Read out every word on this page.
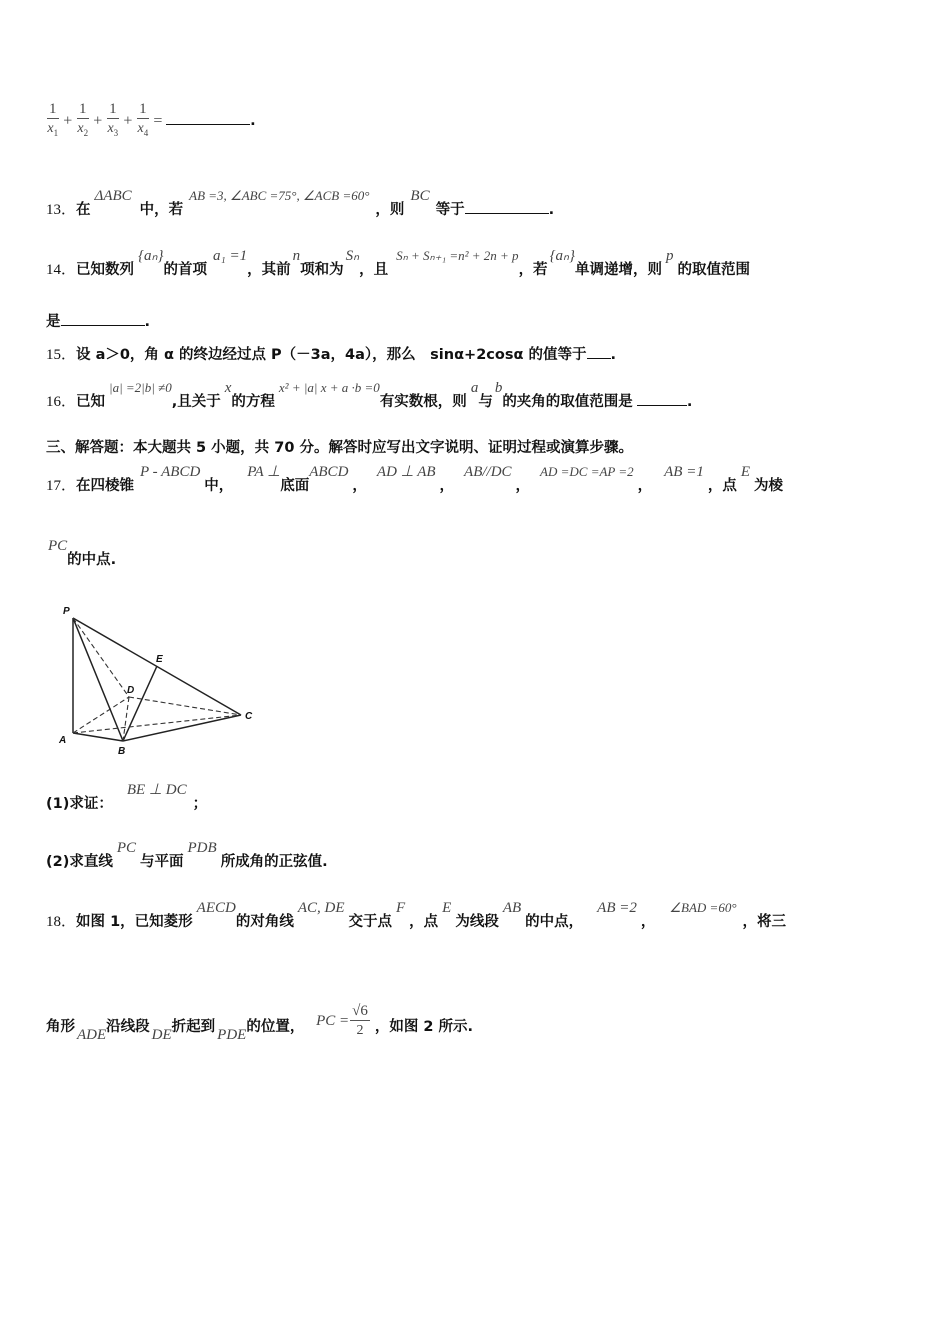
$\frac{1}{x_1} + \frac{1}{x_2} + \frac{1}{x_3} + \frac{1}{x_4}$ =	.
13．在ΔABC中，若AB =3, ∠ABC =75°, ∠ACB =60°，则BC等于	.
14．已知数列{aₙ}的首项a₁ =1，其前n项和为Sₙ，且Sₙ + Sₙ₊₁ =n² + 2n + p，若{aₙ}单调递增，则p的取值范围
是	.
15．设 a＞0，角 α 的终边经过点 P（－3a，4a），那么　sinα+2cosα 的值等于 .
16．已知|a| =2|b| ≠0,且关于x的方程x² + |a| x + a ·b =0有实数根，则a与b的夹角的取值范围是	.
三、解答题：本大题共 5 小题，共 70 分。解答时应写出文字说明、证明过程或演算步骤。
17．在四棱锥P - ABCD中，PA ⊥底面ABCD，AD ⊥ AB，AB//DC，AD =DC =AP =2，AB =1，点E为棱
PC的中点.
P
A
B
C
D
E
(1)求证：BE ⊥ DC；
(2)求直线PC与平面PDB所成角的正弦值.
18．如图 1，已知菱形AECD的对角线AC, DE交于点F，点E为线段AB的中点，AB =2，∠BAD =60°，将三
角形 ADE沿线段 DE折起到 PDE的位置， PC = $\frac{√6}{2}$ ，如图 2 所示.
